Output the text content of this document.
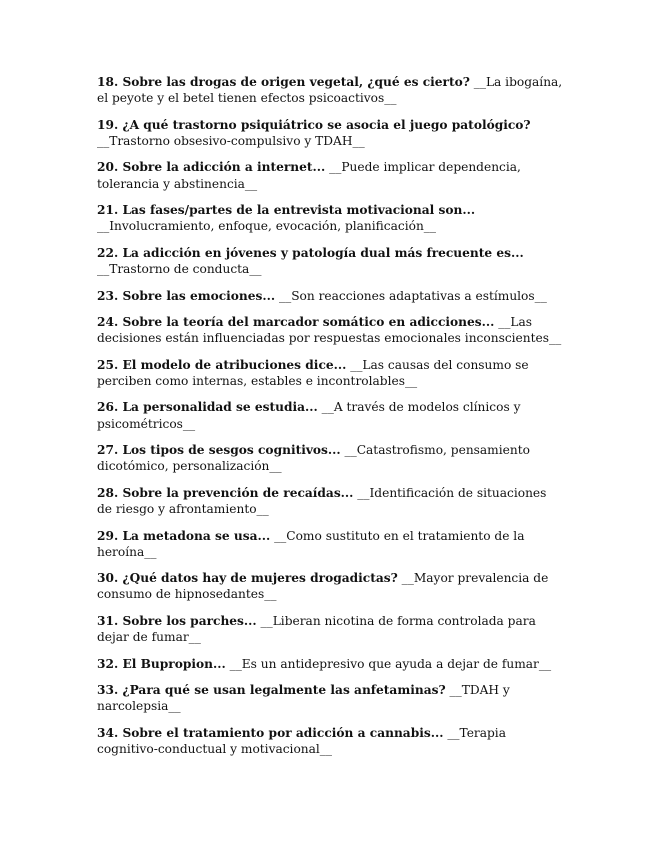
18. Sobre las drogas de origen vegetal, ¿qué es cierto? __La ibogaína, el peyote y el betel tienen efectos psicoactivos__

19. ¿A qué trastorno psiquiátrico se asocia el juego patológico? __Trastorno obsesivo-compulsivo y TDAH__

20. Sobre la adicción a internet... __Puede implicar dependencia, tolerancia y abstinencia__

21. Las fases/partes de la entrevista motivacional son... __Involucramiento, enfoque, evocación, planificación__

22. La adicción en jóvenes y patología dual más frecuente es... __Trastorno de conducta__

23. Sobre las emociones... __Son reacciones adaptativas a estímulos__

24. Sobre la teoría del marcador somático en adicciones... __Las decisiones están influenciadas por respuestas emocionales inconscientes__

25. El modelo de atribuciones dice... __Las causas del consumo se perciben como internas, estables e incontrolables__

26. La personalidad se estudia... __A través de modelos clínicos y psicométricos__

27. Los tipos de sesgos cognitivos... __Catastrofismo, pensamiento dicotómico, personalización__

28. Sobre la prevención de recaídas... __Identificación de situaciones de riesgo y afrontamiento__

29. La metadona se usa... __Como sustituto en el tratamiento de la heroína__

30. ¿Qué datos hay de mujeres drogadictas? __Mayor prevalencia de consumo de hipnosedantes__

31. Sobre los parches... __Liberan nicotina de forma controlada para dejar de fumar__

32. El Bupropion... __Es un antidepresivo que ayuda a dejar de fumar__

33. ¿Para qué se usan legalmente las anfetaminas? __TDAH y narcolepsia__

34. Sobre el tratamiento por adicción a cannabis... __Terapia cognitivo-conductual y motivacional__
